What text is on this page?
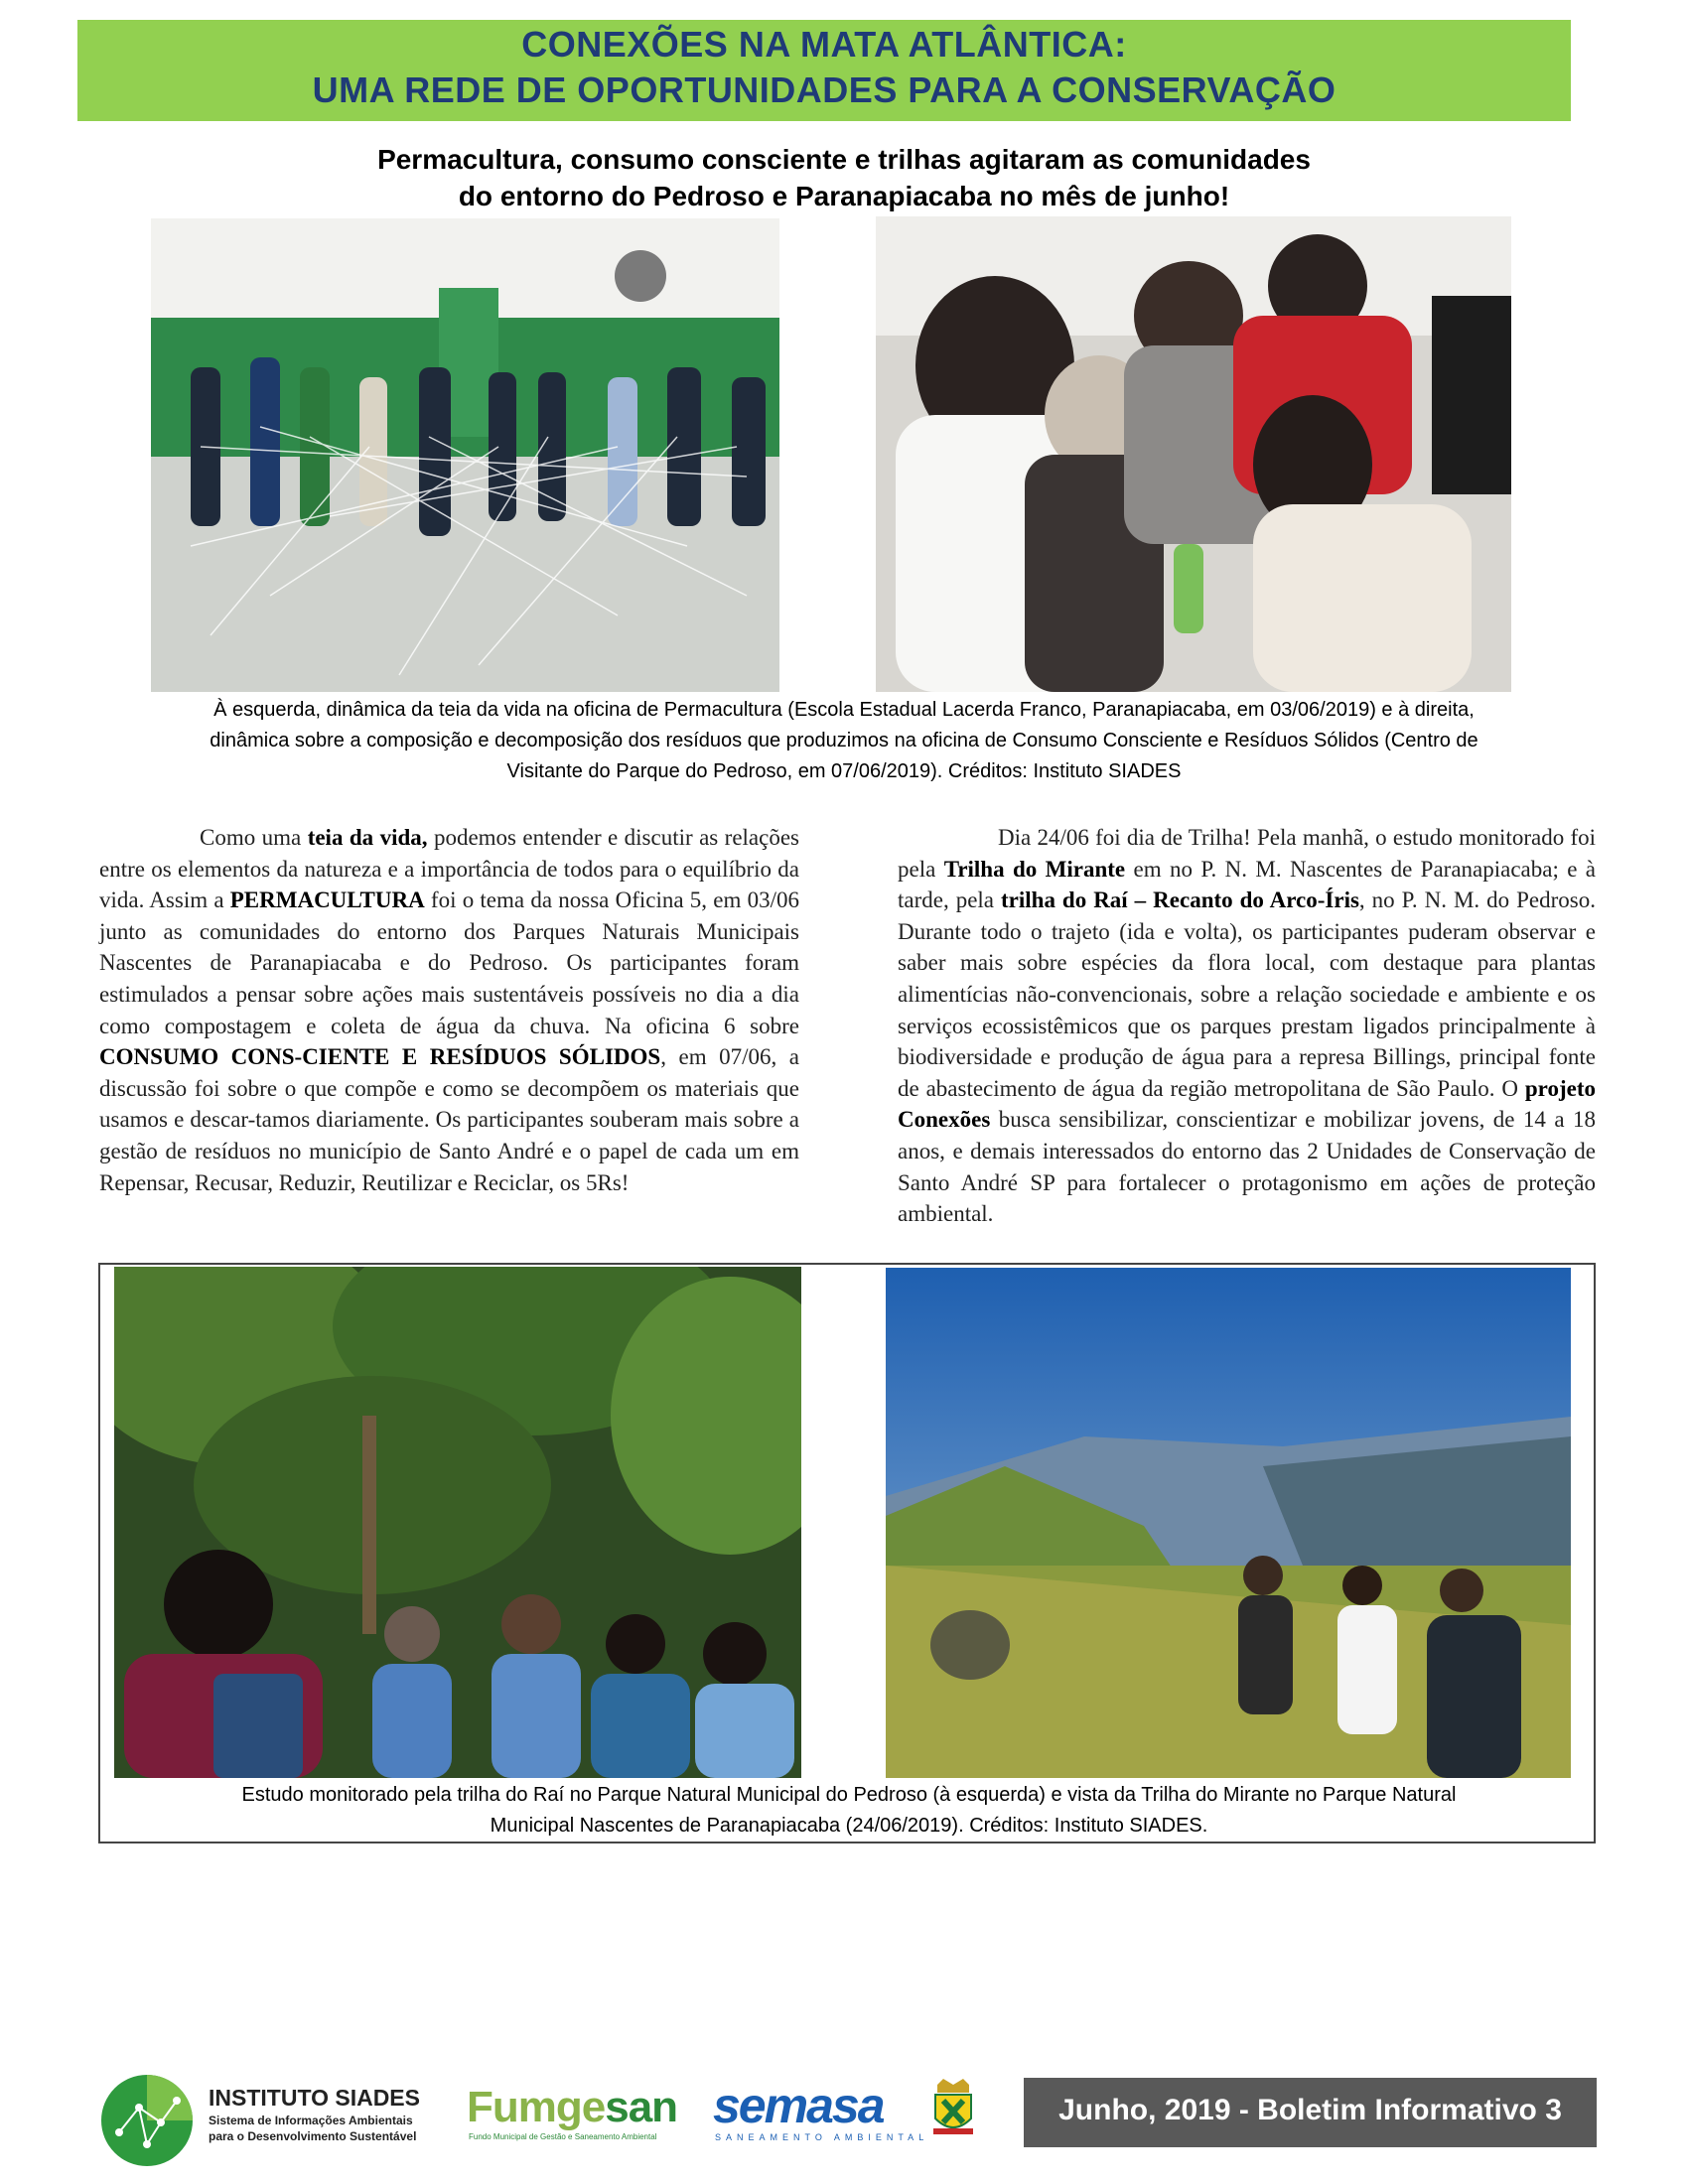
CONEXÕES NA MATA ATLÂNTICA:
UMA REDE DE OPORTUNIDADES PARA A CONSERVAÇÃO
Permacultura, consumo consciente e trilhas agitaram as comunidades
do entorno do Pedroso e Paranapiacaba no mês de junho!
À esquerda, dinâmica da teia da vida na oficina de Permacultura (Escola Estadual Lacerda Franco, Paranapiacaba, em 03/06/2019) e à direita,
dinâmica sobre a composição e decomposição dos resíduos que produzimos na oficina de Consumo Consciente e Resíduos Sólidos (Centro de
Visitante do Parque do Pedroso, em 07/06/2019). Créditos: Instituto SIADES

Como uma teia da vida, podemos entender e discutir as relações entre os elementos da natureza e a importância de todos para o equilíbrio da vida. Assim a PERMACULTURA foi o tema da nossa Oficina 5, em 03/06 junto as comunidades do entorno dos Parques Naturais Municipais Nascentes de Paranapiacaba e do Pedroso. Os participantes foram estimulados a pensar sobre ações mais sustentáveis possíveis no dia a dia como compostagem e coleta de água da chuva. Na oficina 6 sobre CONSUMO CONS-CIENTE E RESÍDUOS SÓLIDOS, em 07/06, a discussão foi sobre o que compõe e como se decompõem os materiais que usamos e descar-tamos diariamente. Os participantes souberam mais sobre a gestão de resíduos no município de Santo André e o papel de cada um em Repensar, Recusar, Reduzir, Reutilizar e Reciclar, os 5Rs!

Dia 24/06 foi dia de Trilha! Pela manhã, o estudo monitorado foi pela Trilha do Mirante em no P. N. M. Nascentes de Paranapiacaba; e à tarde, pela trilha do Raí – Recanto do Arco-Íris, no P. N. M. do Pedroso. Durante todo o trajeto (ida e volta), os participantes puderam observar e saber mais sobre espécies da flora local, com destaque para plantas alimentícias não-convencionais, sobre a relação sociedade e ambiente e os serviços ecossistêmicos que os parques prestam ligados principalmente à biodiversidade e produção de água para a represa Billings, principal fonte de abastecimento de água da região metropolitana de São Paulo. O projeto Conexões busca sensibilizar, conscientizar e mobilizar jovens, de 14 a 18 anos, e demais interessados do entorno das 2 Unidades de Conservação de Santo André SP para fortalecer o protagonismo em ações de proteção ambiental.

Estudo monitorado pela trilha do Raí no Parque Natural Municipal do Pedroso (à esquerda) e vista da Trilha do Mirante no Parque Natural
Municipal Nascentes de Paranapiacaba (24/06/2019). Créditos: Instituto SIADES.
INSTITUTO SIADES
Sistema de Informações Ambientais
para o Desenvolvimento Sustentável
Fumgesan
Fundo Municipal de Gestão e Saneamento Ambiental
semasa
SANEAMENTO AMBIENTAL
Junho, 2019 - Boletim Informativo 3
